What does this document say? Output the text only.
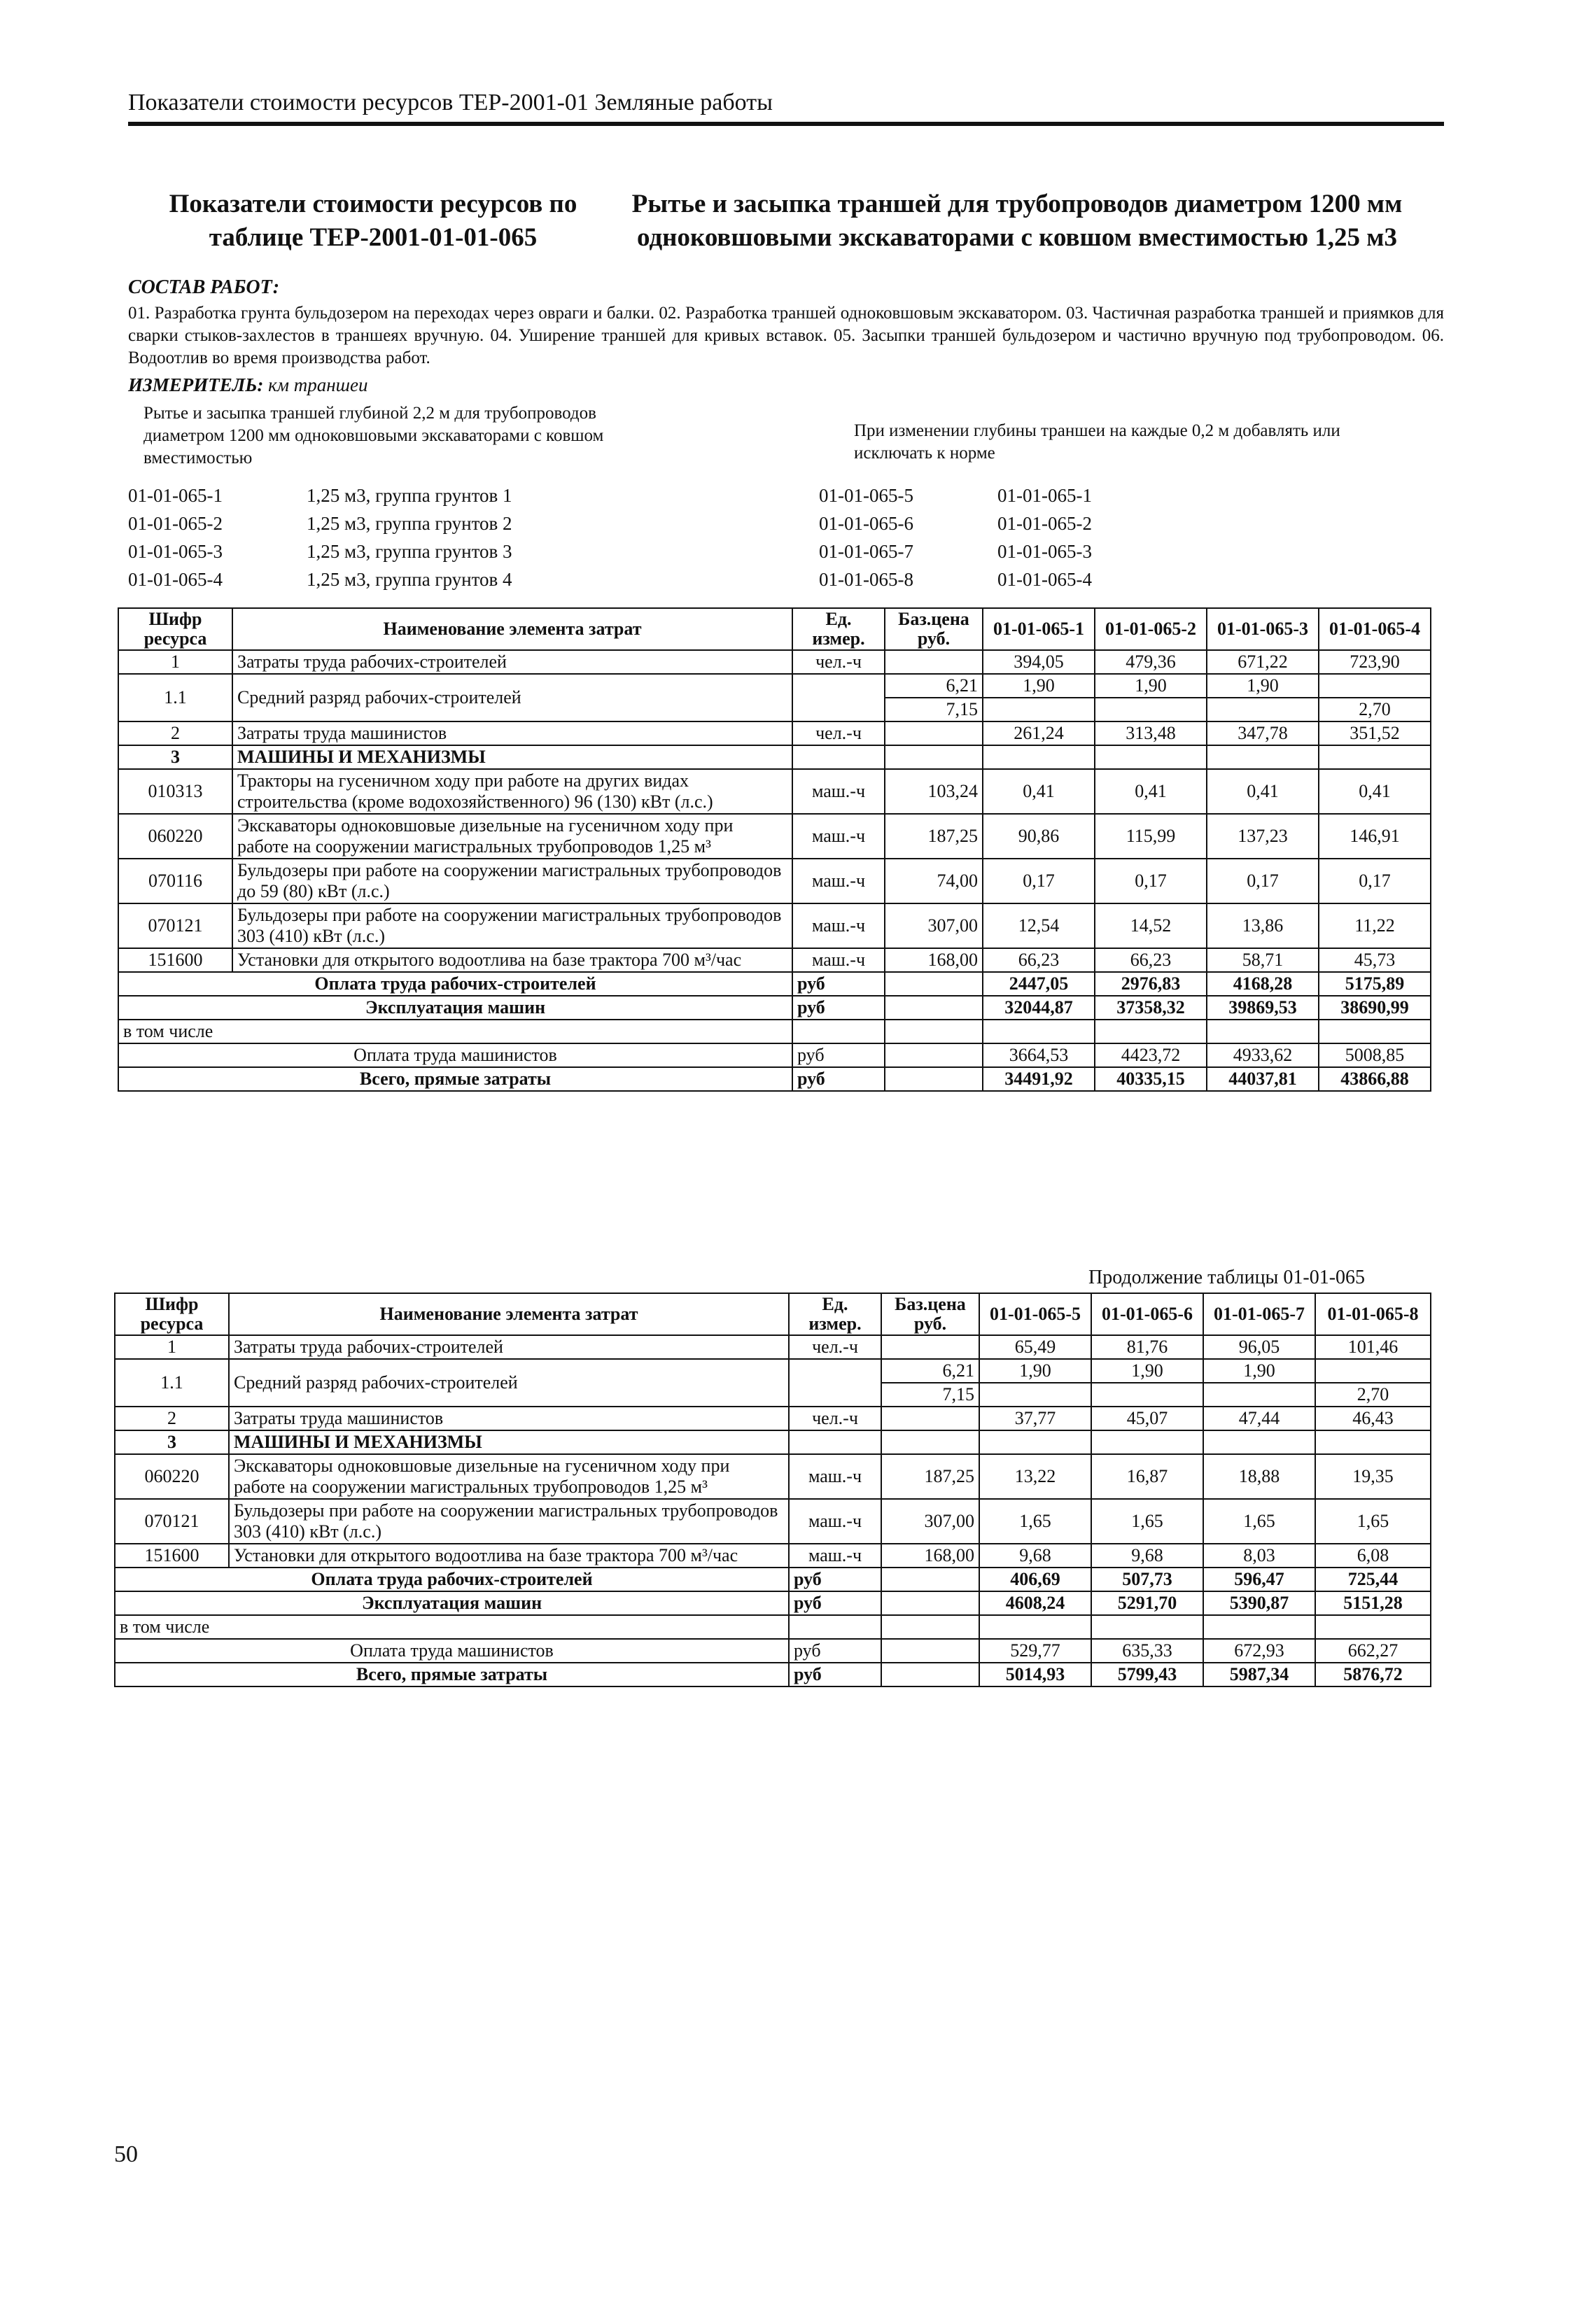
Показатели стоимости ресурсов ТЕР-2001-01 Земляные работы
Показатели стоимости ресурсов по таблице ТЕР-2001-01-01-065
Рытье и засыпка траншей для трубопроводов диаметром 1200 мм одноковшовыми экскаваторами с ковшом вместимостью 1,25 м3
СОСТАВ РАБОТ:
01. Разработка грунта бульдозером на переходах через овраги и балки. 02. Разработка траншей одноковшовым экскаватором. 03. Частичная разработка траншей и приямков для сварки стыков-захлестов в траншеях вручную. 04. Уширение траншей для кривых вставок. 05. Засыпки траншей бульдозером и частично вручную под трубопроводом. 06. Водоотлив во время производства работ.
ИЗМЕРИТЕЛЬ: км траншеи
Рытье и засыпка траншей глубиной 2,2 м для трубопроводов диаметром 1200 мм одноковшовыми экскаваторами с ковшом вместимостью
При изменении глубины траншеи на каждые 0,2 м добавлять или исключать к норме
01-01-065-1	1,25 м3, группа грунтов 1
01-01-065-2	1,25 м3, группа грунтов 2
01-01-065-3	1,25 м3, группа грунтов 3
01-01-065-4	1,25 м3, группа грунтов 4
01-01-065-5	01-01-065-1
01-01-065-6	01-01-065-2
01-01-065-7	01-01-065-3
01-01-065-8	01-01-065-4
Шифр ресурса	Наименование элемента затрат	Ед. измер.	Баз.цена руб.	01-01-065-1	01-01-065-2	01-01-065-3	01-01-065-4
1	Затраты труда рабочих-строителей	чел.-ч		394,05	479,36	671,22	723,90
1.1	Средний разряд рабочих-строителей		6,21	1,90	1,90	1,90	
			7,15				2,70
2	Затраты труда машинистов	чел.-ч		261,24	313,48	347,78	351,52
3	МАШИНЫ И МЕХАНИЗМЫ						
010313	Тракторы на гусеничном ходу при работе на других видах строительства (кроме водохозяйственного) 96 (130) кВт (л.с.)	маш.-ч	103,24	0,41	0,41	0,41	0,41
060220	Экскаваторы одноковшовые дизельные на гусеничном ходу при работе на сооружении магистральных трубопроводов 1,25 м³	маш.-ч	187,25	90,86	115,99	137,23	146,91
070116	Бульдозеры при работе на сооружении магистральных трубопроводов до 59 (80) кВт (л.с.)	маш.-ч	74,00	0,17	0,17	0,17	0,17
070121	Бульдозеры при работе на сооружении магистральных трубопроводов 303 (410) кВт (л.с.)	маш.-ч	307,00	12,54	14,52	13,86	11,22
151600	Установки для открытого водоотлива на базе трактора 700 м³/час	маш.-ч	168,00	66,23	66,23	58,71	45,73
Оплата труда рабочих-строителей		руб		2447,05	2976,83	4168,28	5175,89
Эксплуатация машин		руб		32044,87	37358,32	39869,53	38690,99
в том числе							
Оплата труда машинистов		руб		3664,53	4423,72	4933,62	5008,85
Всего, прямые затраты		руб		34491,92	40335,15	44037,81	43866,88
Продолжение таблицы 01-01-065
Шифр ресурса	Наименование элемента затрат	Ед. измер.	Баз.цена руб.	01-01-065-5	01-01-065-6	01-01-065-7	01-01-065-8
1	Затраты труда рабочих-строителей	чел.-ч		65,49	81,76	96,05	101,46
1.1	Средний разряд рабочих-строителей		6,21	1,90	1,90	1,90	
			7,15				2,70
2	Затраты труда машинистов	чел.-ч		37,77	45,07	47,44	46,43
3	МАШИНЫ И МЕХАНИЗМЫ						
060220	Экскаваторы одноковшовые дизельные на гусеничном ходу при работе на сооружении магистральных трубопроводов 1,25 м³	маш.-ч	187,25	13,22	16,87	18,88	19,35
070121	Бульдозеры при работе на сооружении магистральных трубопроводов 303 (410) кВт (л.с.)	маш.-ч	307,00	1,65	1,65	1,65	1,65
151600	Установки для открытого водоотлива на базе трактора 700 м³/час	маш.-ч	168,00	9,68	9,68	8,03	6,08
Оплата труда рабочих-строителей		руб		406,69	507,73	596,47	725,44
Эксплуатация машин		руб		4608,24	5291,70	5390,87	5151,28
в том числе							
Оплата труда машинистов		руб		529,77	635,33	672,93	662,27
Всего, прямые затраты		руб		5014,93	5799,43	5987,34	5876,72
50
